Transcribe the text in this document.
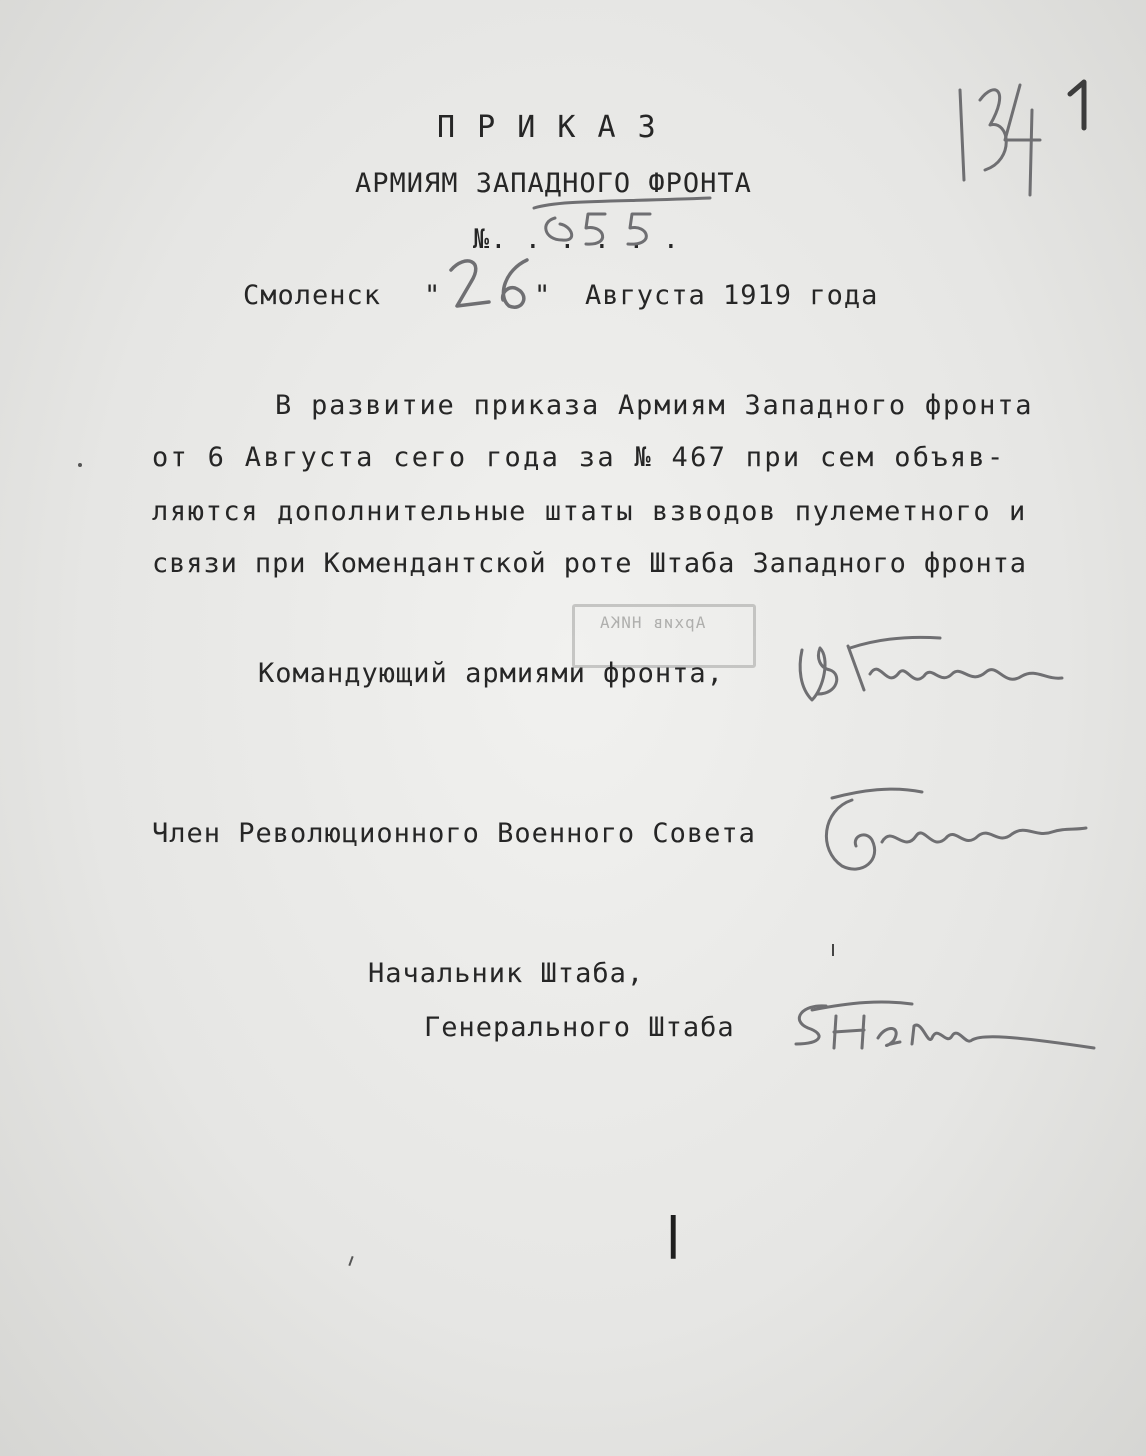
П Р И К А З
АРМИЯМ ЗАПАДНОГО ФРОНТА
№. . . . . .
Смоленск "	" Августа 1919 года
В развитие приказа Армиям Западного фронта
от 6 Августа сего года за № 467 при сем объяв-
ляются дополнительные штаты взводов пулеметного и
связи при Комендантской роте Штаба Западного фронта
Архив НИКА
Командующий армиями фронта,
Член Революционного Военного Совета
Начальник Штаба,
Генерального Штаба
|
